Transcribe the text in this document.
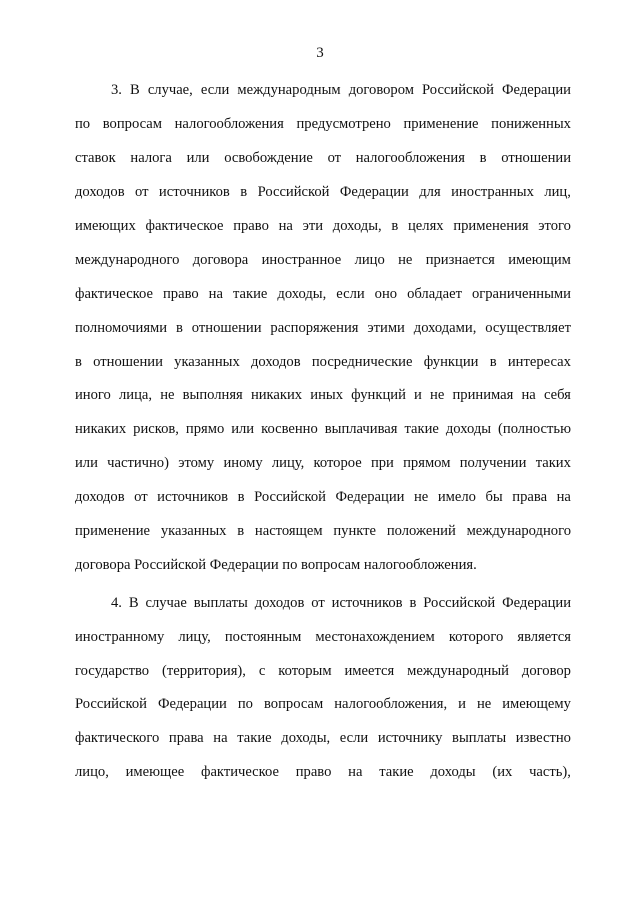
3
3. В случае, если международным договором Российской Федерации
по вопросам налогообложения предусмотрено применение пониженных
ставок налога или освобождение от налогообложения в отношении
доходов от источников в Российской Федерации для иностранных лиц,
имеющих фактическое право на эти доходы, в целях применения этого
международного договора иностранное лицо не признается имеющим
фактическое право на такие доходы, если оно обладает ограниченными
полномочиями в отношении распоряжения этими доходами, осуществляет
в отношении указанных доходов посреднические функции в интересах
иного лица, не выполняя никаких иных функций и не принимая на себя
никаких рисков, прямо или косвенно выплачивая такие доходы (полностью
или частично) этому иному лицу, которое при прямом получении таких
доходов от источников в Российской Федерации не имело бы права на
применение указанных в настоящем пункте положений международного
договора Российской Федерации по вопросам налогообложения.
4. В случае выплаты доходов от источников в Российской Федерации
иностранному лицу, постоянным местонахождением которого является
государство (территория), с которым имеется международный договор
Российской Федерации по вопросам налогообложения, и не имеющему
фактического права на такие доходы, если источнику выплаты известно
лицо, имеющее фактическое право на такие доходы (их часть),
